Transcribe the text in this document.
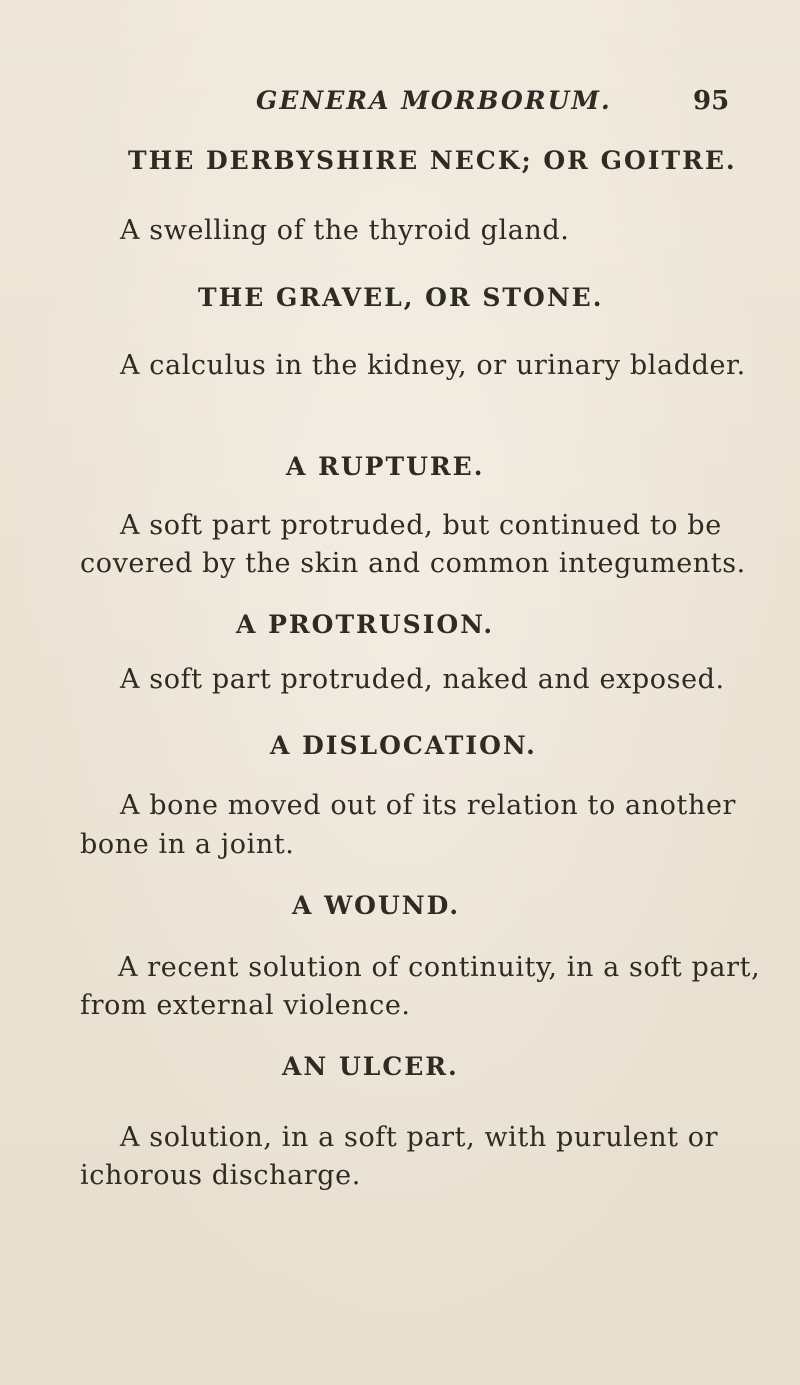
GENERA MORBORUM.	95
THE DERBYSHIRE NECK; OR GOITRE.
A swelling of the thyroid gland.
THE GRAVEL, OR STONE.
A calculus in the kidney, or urinary bladder.
A RUPTURE.
A soft part protruded, but continued to be
covered by the skin and common integuments.
A PROTRUSION.
A soft part protruded, naked and exposed.
A DISLOCATION.
A bone moved out of its relation to another
bone in a joint.
A WOUND.
A recent solution of continuity, in a soft part,
from external violence.
AN ULCER.
A solution, in a soft part, with purulent or
ichorous discharge.
